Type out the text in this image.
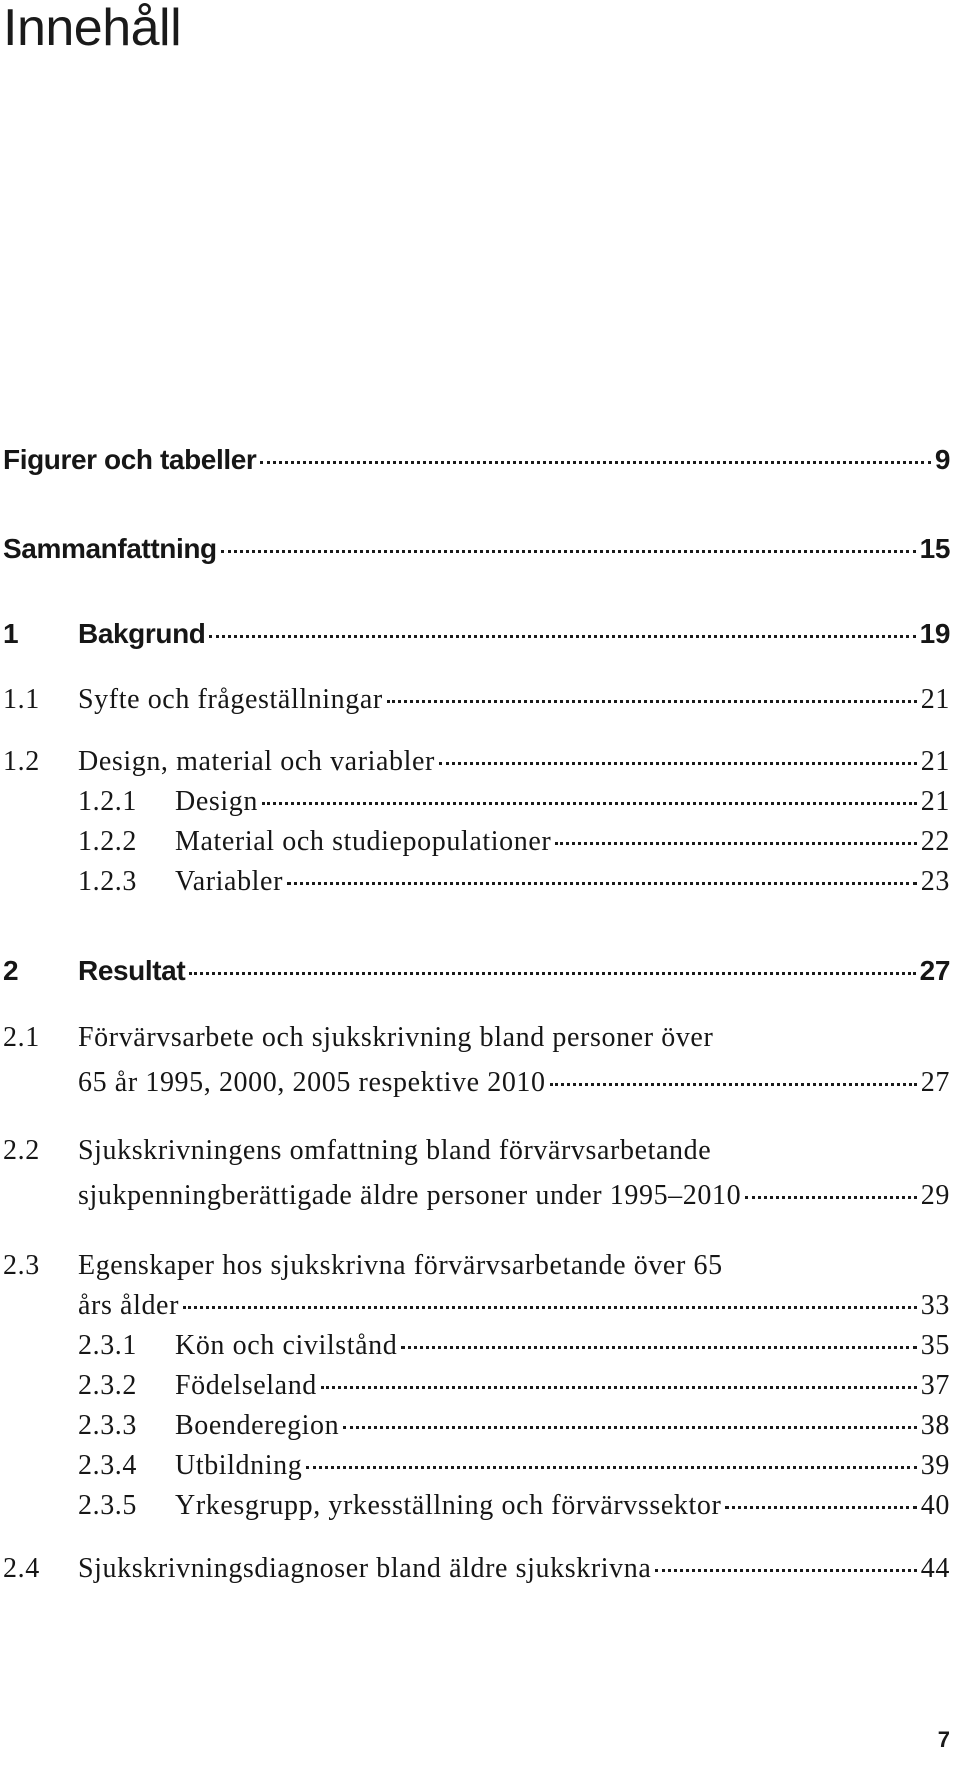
Innehåll
Figurer och tabeller	9
Sammanfattning	15
1 Bakgrund	19
1.1 Syfte och frågeställningar	21
1.2 Design, material och variabler	21
1.2.1 Design	21
1.2.2 Material och studiepopulationer	22
1.2.3 Variabler	23
2 Resultat	27
2.1 Förvärvsarbete och sjukskrivning bland personer över
65 år 1995, 2000, 2005 respektive 2010	27
2.2 Sjukskrivningens omfattning bland förvärvsarbetande
sjukpenningberättigade äldre personer under 1995–2010	29
2.3 Egenskaper hos sjukskrivna förvärvsarbetande över 65
års ålder	33
2.3.1 Kön och civilstånd	35
2.3.2 Födelseland	37
2.3.3 Boenderegion	38
2.3.4 Utbildning	39
2.3.5 Yrkesgrupp, yrkesställning och förvärvssektor	40
2.4 Sjukskrivningsdiagnoser bland äldre sjukskrivna	44
7
